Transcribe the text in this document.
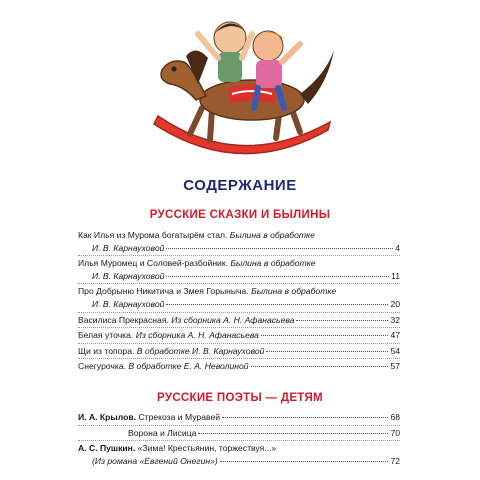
СОДЕРЖАНИЕ
РУССКИЕ СКАЗКИ И БЫЛИНЫ
Как Илья из Мурома богатырём стал. Былина в обработке
И. В. Карнауховой	4
Илья Муромец и Соловей-разбойник. Былина в обработке
И. В. Карнауховой	11
Про Добрыню Никитича и Змея Горыныча. Былина в обработке
И. В. Карнауховой	20
Василиса Прекрасная. Из сборника А. Н. Афанасьева	32
Белая уточка. Из сборника А. Н. Афанасьева	47
Щи из топора. В обработке И. В. Карнауховой	54
Снегурочка. В обработке Е. А. Неволиной	57
РУССКИЕ ПОЭТЫ — ДЕТЯМ
И. А. Крылов. Стрекоза и Муравей	68
Ворона и Лисица	70
А. С. Пушкин. «Зима! Крестьянин, торжествуя...»
(Из романа «Евгений Онегин»)	72
